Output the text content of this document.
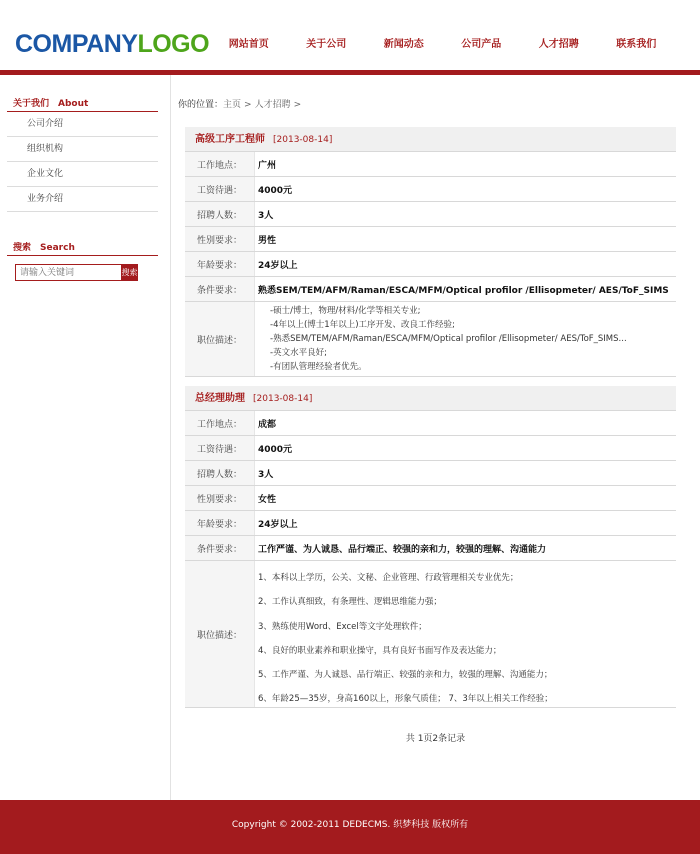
COMPANYLOGO	网站首页	关于公司	新闻动态	公司产品	人才招聘	联系我们
关于我们 About
公司介绍
组织机构
企业文化
业务介绍
搜索 Search
请输入关键词
搜索
你的位置：主页 > 人才招聘 >
高级工序工程师 [2013-08-14]
工作地点：	广州
工资待遇：	4000元
招聘人数：	3人
性别要求：	男性
年龄要求：	24岁以上
条件要求：	熟悉SEM/TEM/AFM/Raman/ESCA/MFM/Optical profilor /Ellisopmeter/ AES/ToF_SIMS
职位描述：
-硕士/博士，物理/材料/化学等相关专业;
-4年以上(博士1年以上)工序开发、改良工作经验;
-熟悉SEM/TEM/AFM/Raman/ESCA/MFM/Optical profilor /Ellisopmeter/ AES/ToF_SIMS...
-英文水平良好;
-有团队管理经验者优先。
总经理助理 [2013-08-14]
工作地点：	成都
工资待遇：	4000元
招聘人数：	3人
性别要求：	女性
年龄要求：	24岁以上
条件要求：	工作严谨、为人诚恳、品行端正、较强的亲和力，较强的理解、沟通能力
职位描述：
1、本科以上学历，公关、文秘、企业管理、行政管理相关专业优先；
2、工作认真细致，有条理性、逻辑思维能力强；
3、熟练使用Word、Excel等文字处理软件；
4、良好的职业素养和职业操守，具有良好书面写作及表达能力；
5、工作严谨、为人诚恳、品行端正、较强的亲和力，较强的理解、沟通能力；
6、年龄25—35岁，身高160以上，形象气质佳； 7、3年以上相关工作经验；
共 1页2条记录
Copyright © 2002-2011 DEDECMS. 织梦科技 版权所有
